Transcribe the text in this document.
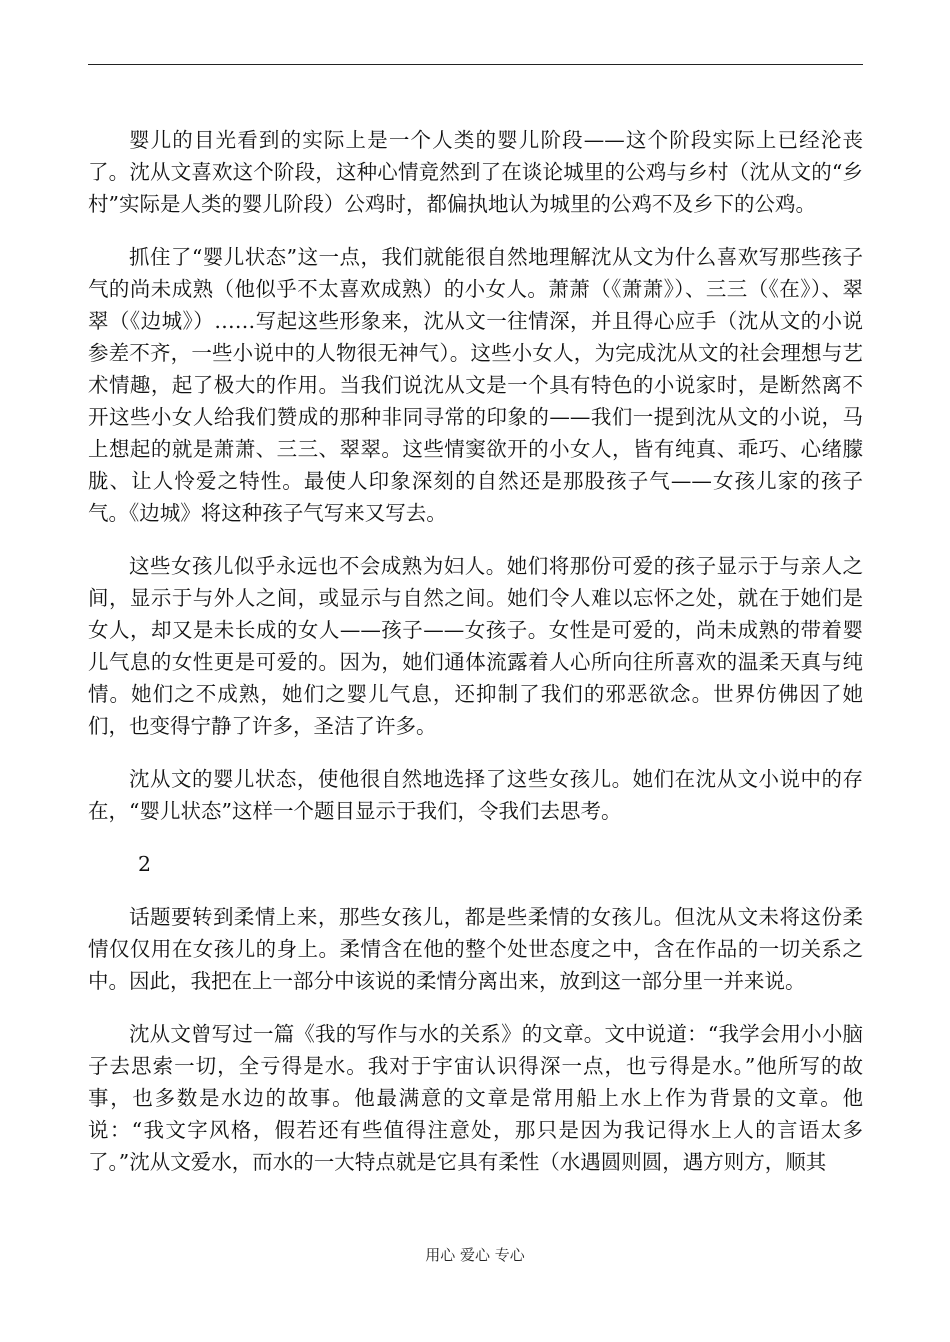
婴儿的目光看到的实际上是一个人类的婴儿阶段——这个阶段实际上已经沦丧了。沈从文喜欢这个阶段，这种心情竟然到了在谈论城里的公鸡与乡村（沈从文的“乡村”实际是人类的婴儿阶段）公鸡时，都偏执地认为城里的公鸡不及乡下的公鸡。

抓住了“婴儿状态”这一点，我们就能很自然地理解沈从文为什么喜欢写那些孩子气的尚未成熟（他似乎不太喜欢成熟）的小女人。萧萧（《萧萧》）、三三（《在》）、翠翠（《边城》）……写起这些形象来，沈从文一往情深，并且得心应手（沈从文的小说参差不齐，一些小说中的人物很无神气）。这些小女人，为完成沈从文的社会理想与艺术情趣，起了极大的作用。当我们说沈从文是一个具有特色的小说家时，是断然离不开这些小女人给我们赞成的那种非同寻常的印象的——我们一提到沈从文的小说，马上想起的就是萧萧、三三、翠翠。这些情窦欲开的小女人，皆有纯真、乖巧、心绪朦胧、让人怜爱之特性。最使人印象深刻的自然还是那股孩子气——女孩儿家的孩子气。《边城》将这种孩子气写来又写去。

这些女孩儿似乎永远也不会成熟为妇人。她们将那份可爱的孩子显示于与亲人之间，显示于与外人之间，或显示与自然之间。她们令人难以忘怀之处，就在于她们是女人，却又是未长成的女人——孩子——女孩子。女性是可爱的，尚未成熟的带着婴儿气息的女性更是可爱的。因为，她们通体流露着人心所向往所喜欢的温柔天真与纯情。她们之不成熟，她们之婴儿气息，还抑制了我们的邪恶欲念。世界仿佛因了她们，也变得宁静了许多，圣洁了许多。

沈从文的婴儿状态，使他很自然地选择了这些女孩儿。她们在沈从文小说中的存在，“婴儿状态”这样一个题目显示于我们，令我们去思考。

2

话题要转到柔情上来，那些女孩儿，都是些柔情的女孩儿。但沈从文未将这份柔情仅仅用在女孩儿的身上。柔情含在他的整个处世态度之中，含在作品的一切关系之中。因此，我把在上一部分中该说的柔情分离出来，放到这一部分里一并来说。

沈从文曾写过一篇《我的写作与水的关系》的文章。文中说道：“我学会用小小脑子去思索一切，全亏得是水。我对于宇宙认识得深一点，也亏得是水。”他所写的故事，也多数是水边的故事。他最满意的文章是常用船上水上作为背景的文章。他说：“我文字风格，假若还有些值得注意处，那只是因为我记得水上人的言语太多了。”沈从文爱水，而水的一大特点就是它具有柔性（水遇圆则圆，遇方则方，顺其

用心 爱心 专心
